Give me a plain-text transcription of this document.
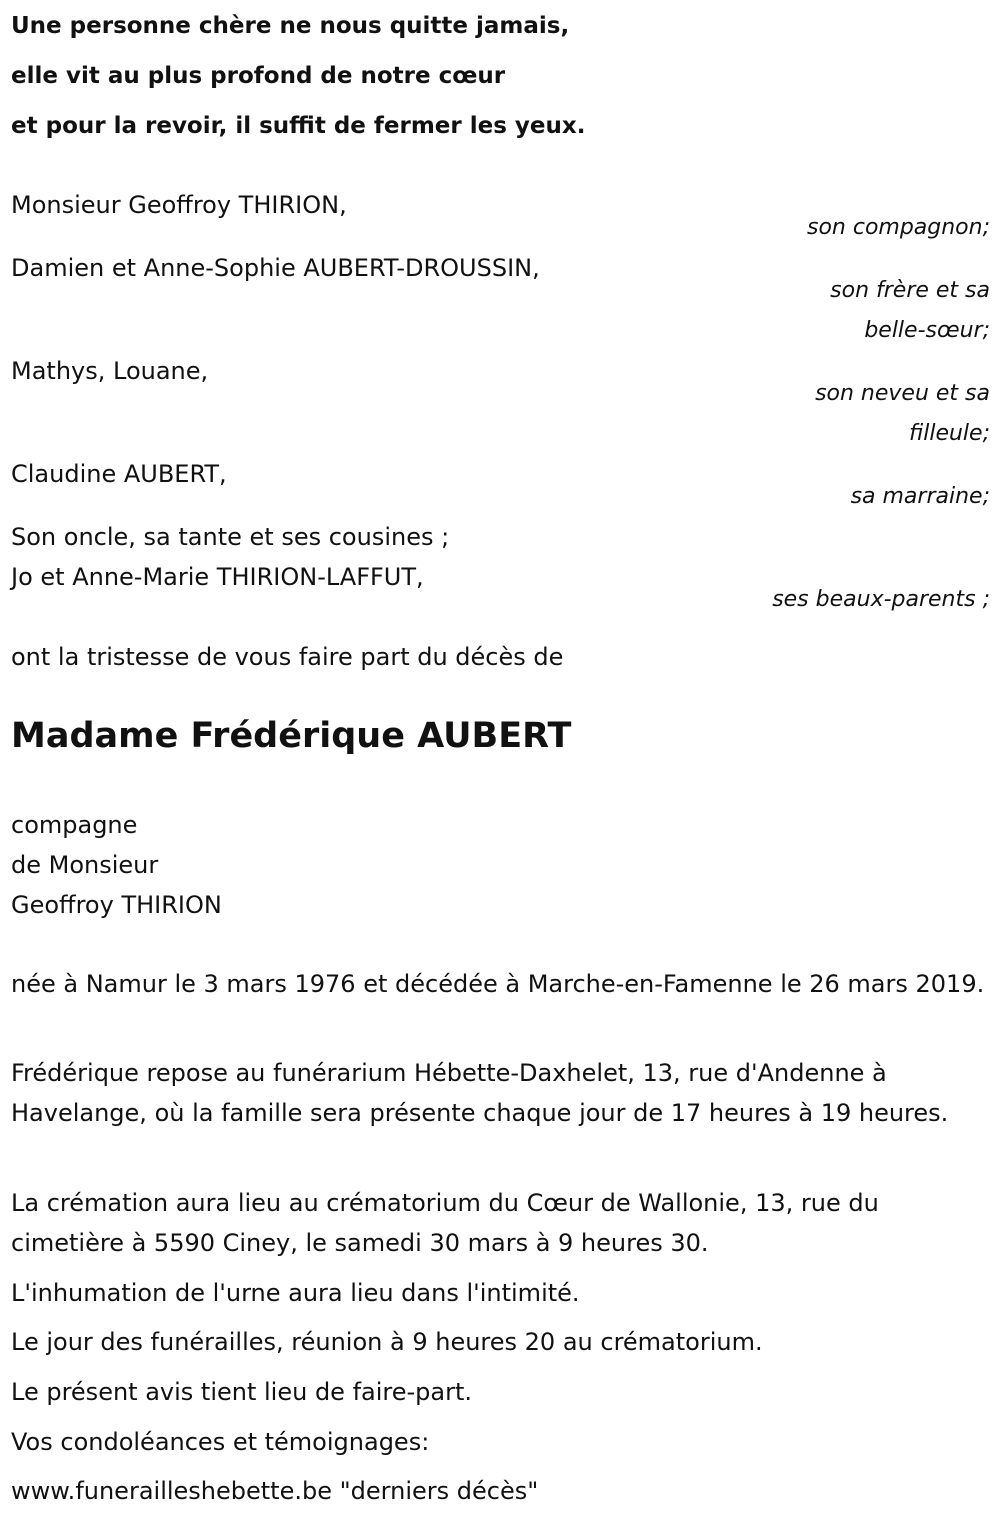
Une personne chère ne nous quitte jamais,

elle vit au plus profond de notre cœur

et pour la revoir, il suffit de fermer les yeux.

Monsieur Geoffroy THIRION,

son compagnon;

Damien et Anne-Sophie AUBERT-DROUSSIN,

son frère et sa

belle-sœur;

Mathys, Louane,

son neveu et sa

filleule;

Claudine AUBERT,

sa marraine;

Son oncle, sa tante et ses cousines ;

Jo et Anne-Marie THIRION-LAFFUT,

ses beaux-parents ;

ont la tristesse de vous faire part du décès de

Madame Frédérique AUBERT

compagne

de Monsieur

Geoffroy THIRION

née à Namur le 3 mars 1976 et décédée à Marche-en-Famenne le 26 mars 2019.

Frédérique repose au funérarium Hébette-Daxhelet, 13, rue d'Andenne à Havelange, où la famille sera présente chaque jour de 17 heures à 19 heures.

La crémation aura lieu au crématorium du Cœur de Wallonie, 13, rue du cimetière à 5590 Ciney, le samedi 30 mars à 9 heures 30.

L'inhumation de l'urne aura lieu dans l'intimité.

Le jour des funérailles, réunion à 9 heures 20 au crématorium.

Le présent avis tient lieu de faire-part.

Vos condoléances et témoignages:

www.funerailleshebette.be "derniers décès"
